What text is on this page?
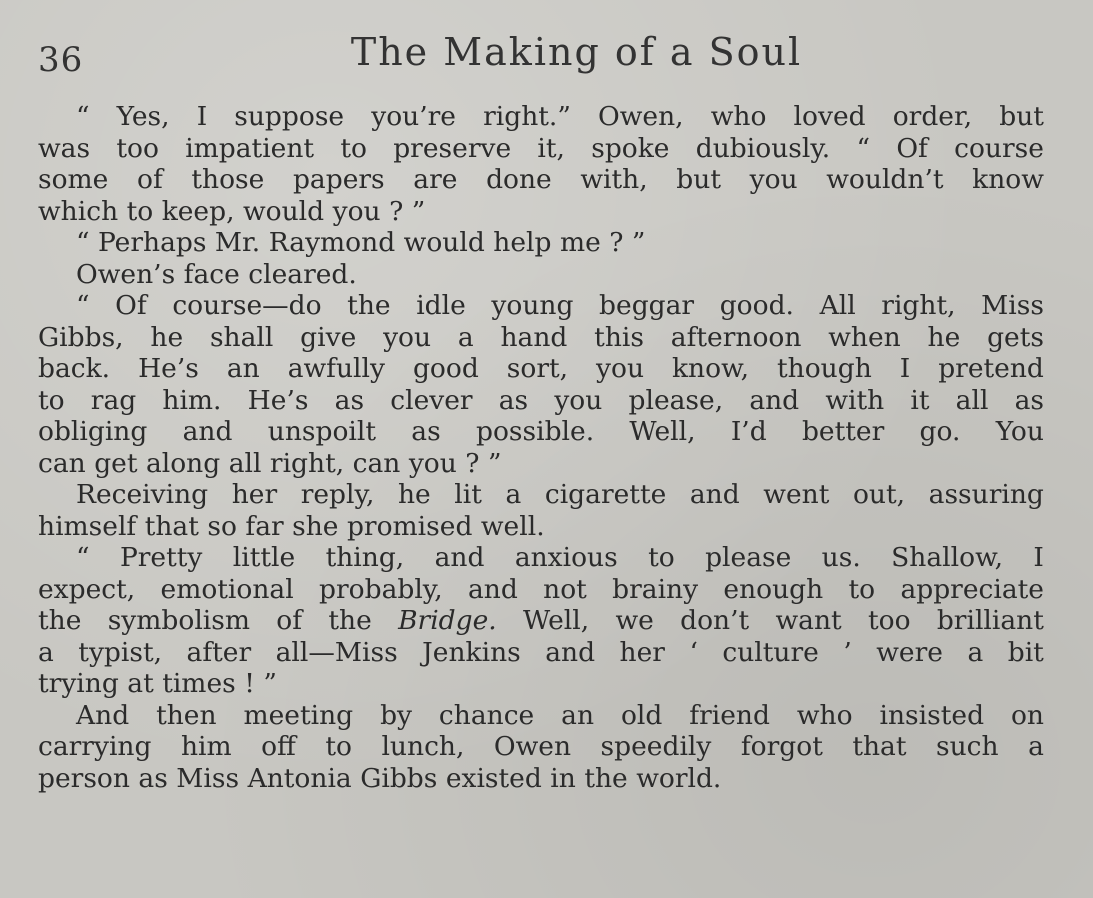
36	The Making of a Soul
“ Yes, I suppose you’re right.” Owen, who loved order, but
was too impatient to preserve it, spoke dubiously. “ Of course
some of those papers are done with, but you wouldn’t know
which to keep, would you ? ”
“ Perhaps Mr. Raymond would help me ? ”
Owen’s face cleared.
“ Of course—do the idle young beggar good. All right, Miss
Gibbs, he shall give you a hand this afternoon when he gets
back. He’s an awfully good sort, you know, though I pretend
to rag him. He’s as clever as you please, and with it all as
obliging and unspoilt as possible. Well, I’d better go. You
can get along all right, can you ? ”
Receiving her reply, he lit a cigarette and went out, assuring
himself that so far she promised well.
“ Pretty little thing, and anxious to please us. Shallow, I
expect, emotional probably, and not brainy enough to appreciate
the symbolism of the Bridge. Well, we don’t want too brilliant
a typist, after all—Miss Jenkins and her ‘ culture ’ were a bit
trying at times ! ”
And then meeting by chance an old friend who insisted on
carrying him off to lunch, Owen speedily forgot that such a
person as Miss Antonia Gibbs existed in the world.
